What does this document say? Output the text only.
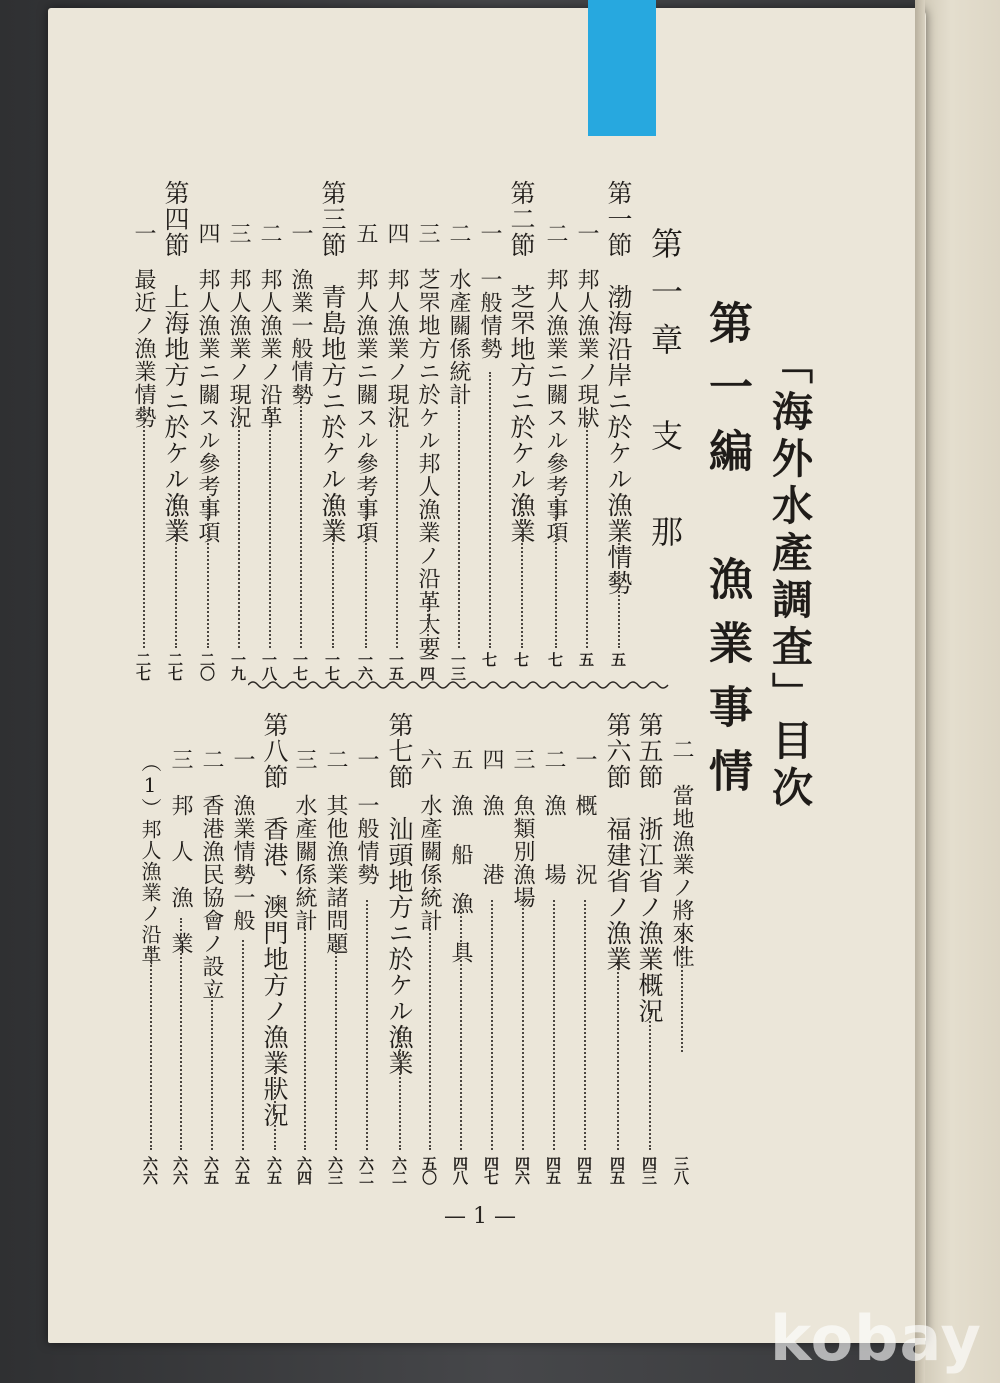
「海外水產調査」目次
第一編　漁業事情
第一章　支　那
第一節　渤海沿岸ニ於ケル漁業情勢
五
一　邦人漁業ノ現狀
五
二　邦人漁業ニ關スル參考事項
七
第二節　芝罘地方ニ於ケル漁業
七
一　一般情勢
七
二　水產關係統計
一三
三　芝罘地方ニ於ケル邦人漁業ノ沿革大要
一四
四　邦人漁業ノ現況
一五
五　邦人漁業ニ關スル參考事項
一六
第三節　青島地方ニ於ケル漁業
一七
一　漁業一般情勢
一七
二　邦人漁業ノ沿革
一八
三　邦人漁業ノ現況
一九
四　邦人漁業ニ關スル參考事項
二〇
第四節　上海地方ニ於ケル漁業
二七
一　最近ノ漁業情勢
二七
二　當地漁業ノ將來性
三八
第五節　浙江省ノ漁業概況
四三
第六節　福建省ノ漁業
四五
一　概　　況
四五
二　漁　　場
四五
三　魚類別漁場
四六
四　漁　　港
四七
五　漁 船 漁 具
四八
六　水產關係統計
五〇
第七節　汕頭地方ニ於ケル漁業
六二
一　一般情勢
六二
二　其他漁業諸問題
六三
三　水產關係統計
六四
第八節　香港、澳門地方ノ漁業狀況
六五
一　漁業情勢一般
六五
二　香港漁民協會ノ設立
六五
三　邦　人　漁　業
六六
（1）邦人漁業ノ沿革
六六
— 1 —
kobay
